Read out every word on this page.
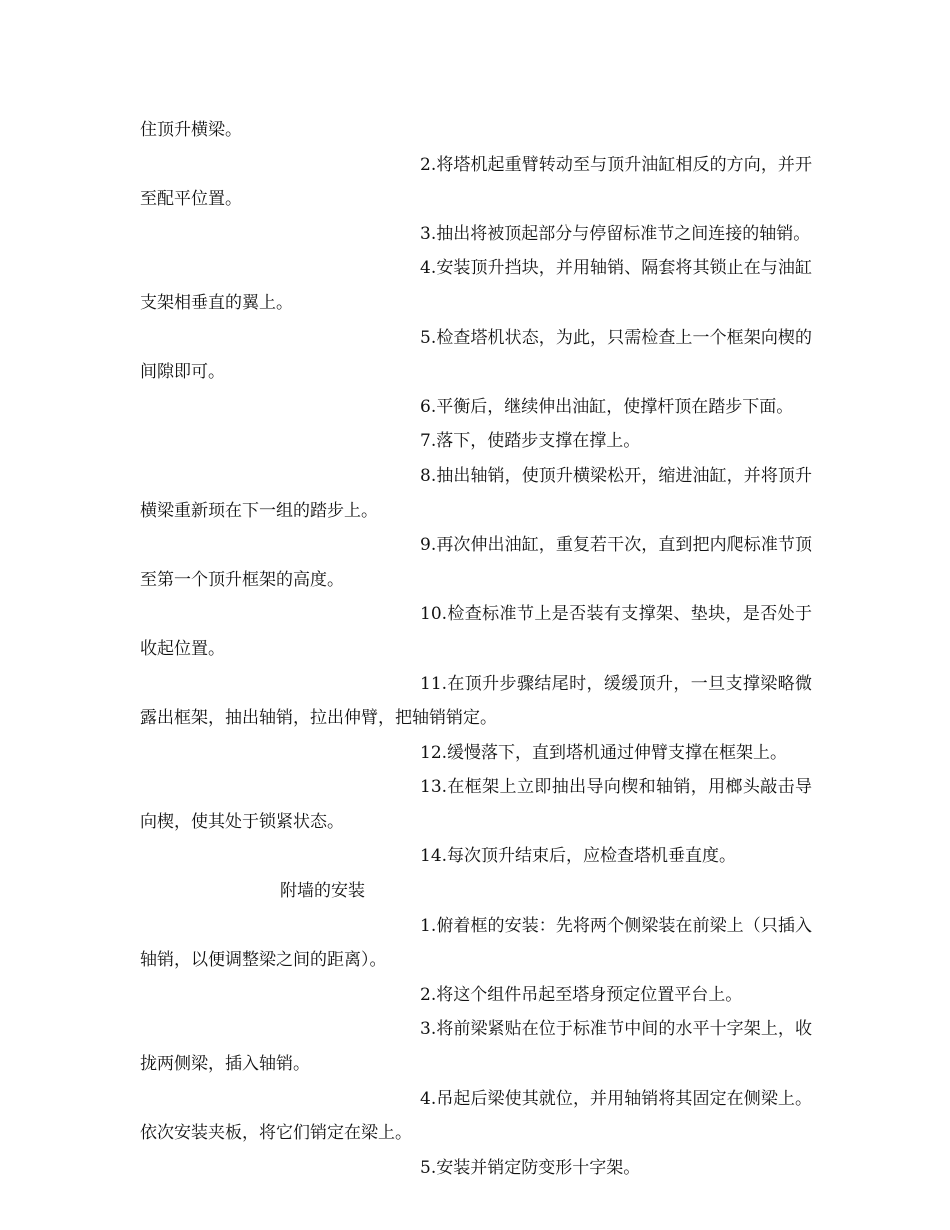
住顶升横梁。

2.将塔机起重臂转动至与顶升油缸相反的方向，并开至配平位置。

3.抽出将被顶起部分与停留标准节之间连接的轴销。

4.安装顶升挡块，并用轴销、隔套将其锁止在与油缸支架相垂直的翼上。

5.检查塔机状态，为此，只需检查上一个框架向楔的间隙即可。

6.平衡后，继续伸出油缸，使撑杆顶在踏步下面。

7.落下，使踏步支撑在撑上。

8.抽出轴销，使顶升横梁松开，缩进油缸，并将顶升横梁重新顼在下一组的踏步上。

9.再次伸出油缸，重复若干次，直到把内爬标准节顶至第一个顶升框架的高度。

10.检查标准节上是否装有支撑架、垫块，是否处于收起位置。

11.在顶升步骤结尾时，缓缓顶升，一旦支撑梁略微露出框架，抽出轴销，拉出伸臂，把轴销销定。

12.缓慢落下，直到塔机通过伸臂支撑在框架上。

13.在框架上立即抽出导向楔和轴销，用榔头敲击导向楔，使其处于锁紧状态。

14.每次顶升结束后，应检查塔机垂直度。

附墙的安装

1.俯着框的安装：先将两个侧梁装在前梁上（只插入轴销，以便调整梁之间的距离）。

2.将这个组件吊起至塔身预定位置平台上。

3.将前梁紧贴在位于标准节中间的水平十字架上，收拢两侧梁，插入轴销。

4.吊起后梁使其就位，并用轴销将其固定在侧梁上。依次安装夹板，将它们销定在梁上。

5.安装并销定防变形十字架。
